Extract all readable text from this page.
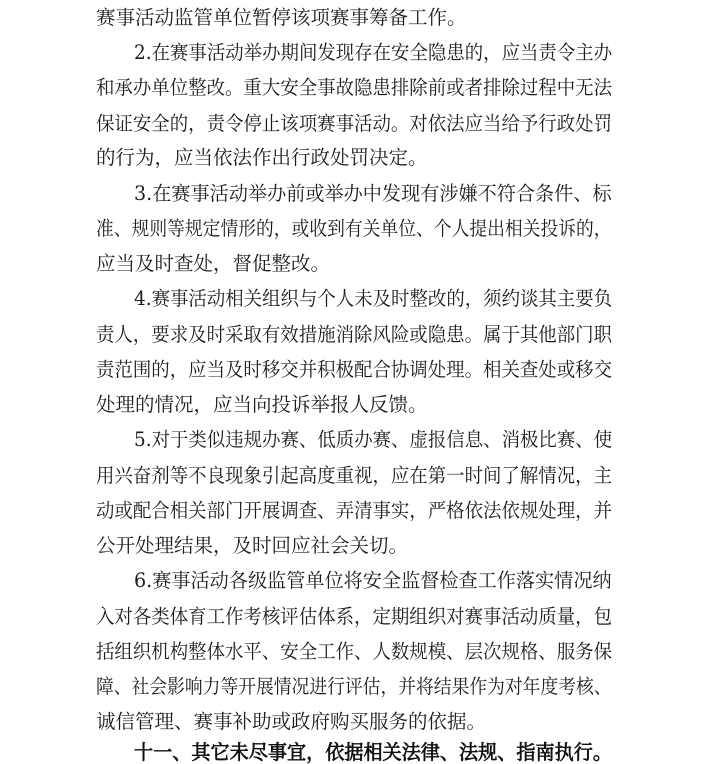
赛事活动监管单位暂停该项赛事筹备工作。
2.在赛事活动举办期间发现存在安全隐患的，应当责令主办
和承办单位整改。重大安全事故隐患排除前或者排除过程中无法
保证安全的，责令停止该项赛事活动。对依法应当给予行政处罚
的行为，应当依法作出行政处罚决定。
3.在赛事活动举办前或举办中发现有涉嫌不符合条件、标
准、规则等规定情形的，或收到有关单位、个人提出相关投诉的，
应当及时查处，督促整改。
4.赛事活动相关组织与个人未及时整改的，须约谈其主要负
责人，要求及时采取有效措施消除风险或隐患。属于其他部门职
责范围的，应当及时移交并积极配合协调处理。相关查处或移交
处理的情况，应当向投诉举报人反馈。
5.对于类似违规办赛、低质办赛、虚报信息、消极比赛、使
用兴奋剂等不良现象引起高度重视，应在第一时间了解情况，主
动或配合相关部门开展调查、弄清事实，严格依法依规处理，并
公开处理结果，及时回应社会关切。
6.赛事活动各级监管单位将安全监督检查工作落实情况纳
入对各类体育工作考核评估体系，定期组织对赛事活动质量，包
括组织机构整体水平、安全工作、人数规模、层次规格、服务保
障、社会影响力等开展情况进行评估，并将结果作为对年度考核、
诚信管理、赛事补助或政府购买服务的依据。
十一、其它未尽事宜，依据相关法律、法规、指南执行。
